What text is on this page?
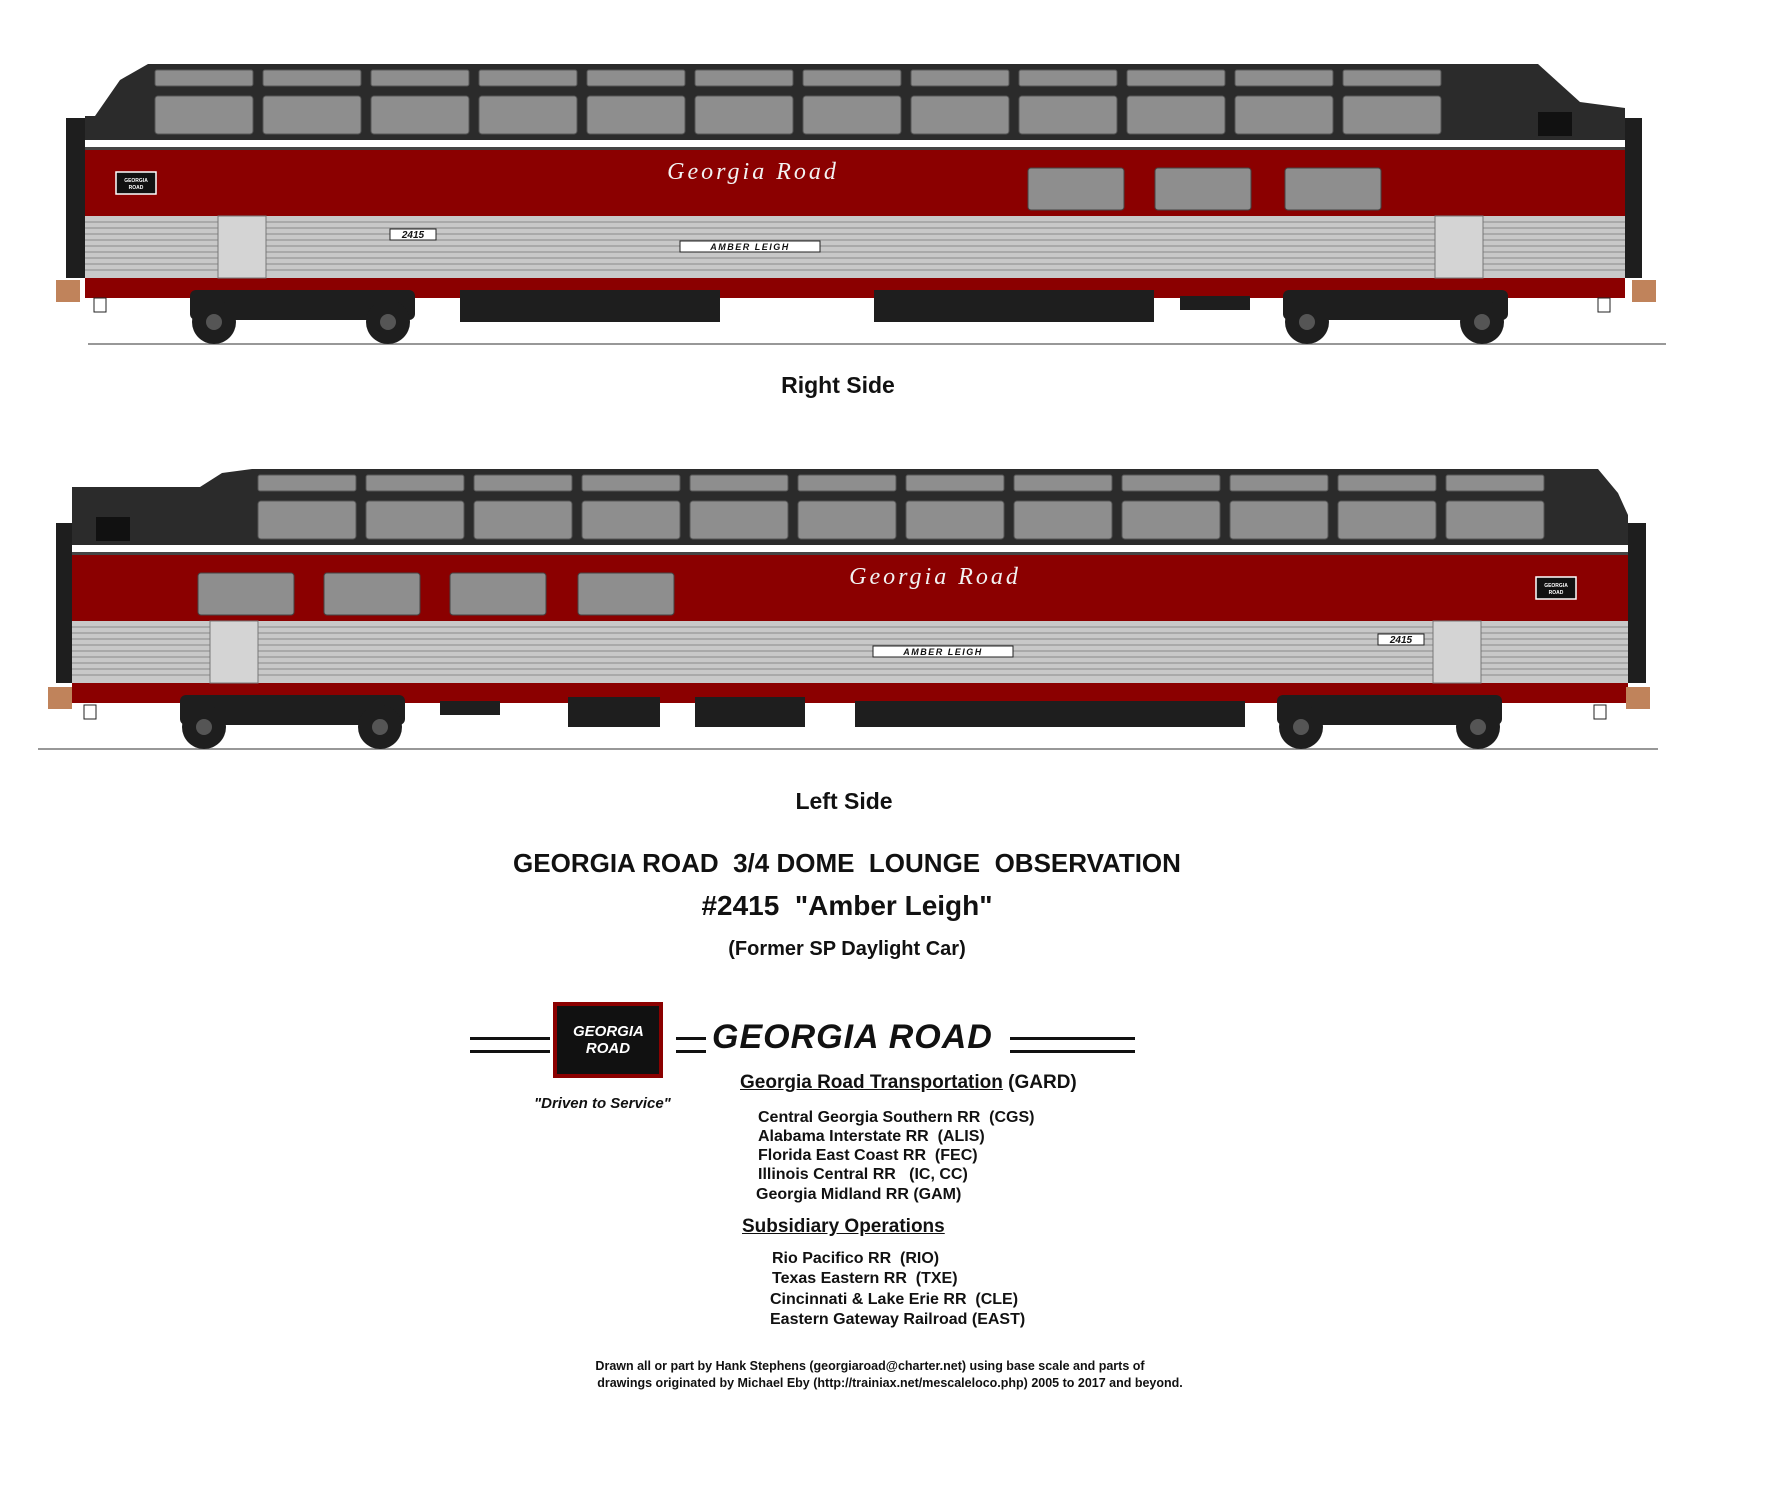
GEORGIA
ROAD
Georgia Road
2415
AMBER LEIGH
Right Side
GEORGIA
ROAD
Georgia Road
2415
AMBER LEIGH
Left Side
GEORGIA ROAD  3/4 DOME  LOUNGE  OBSERVATION
#2415  "Amber Leigh"
(Former SP Daylight Car)
GEORGIA ROAD	GEORGIA ROAD
"Driven to Service"
Georgia Road Transportation (GARD)
Central Georgia Southern RR  (CGS)
Alabama Interstate RR  (ALIS)
Florida East Coast RR  (FEC)
Illinois Central RR   (IC, CC)
Georgia Midland RR (GAM)
Subsidiary Operations
Rio Pacifico RR  (RIO)
Texas Eastern RR  (TXE)
Cincinnati & Lake Erie RR  (CLE)
Eastern Gateway Railroad (EAST)
Drawn all or part by Hank Stephens (georgiaroad@charter.net) using base scale and parts of
drawings originated by Michael Eby (http://trainiax.net/mescaleloco.php) 2005 to 2017 and beyond.
